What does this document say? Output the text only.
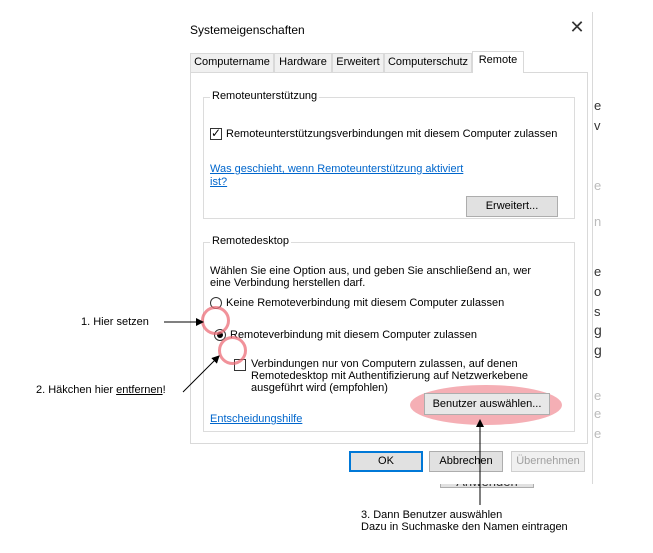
e
v
e
n
e
o
s
g
g
e
e
e
Systemeigenschaften	✕
Computername Hardware Erweitert Computerschutz Remote
Remoteunterstützung
✓ Remoteunterstützungsverbindungen mit diesem Computer zulassen
Was geschieht, wenn Remoteunterstützung aktiviert
ist?
Erweitert...
Remotedesktop
Wählen Sie eine Option aus, und geben Sie anschließend an, wer
eine Verbindung herstellen darf.
Keine Remoteverbindung mit diesem Computer zulassen
Remoteverbindung mit diesem Computer zulassen
Verbindungen nur von Computern zulassen, auf denen
Remotedesktop mit Authentifizierung auf Netzwerkebene
ausgeführt wird (empfohlen)
Entscheidungshilfe
OK	Abbrechen	Übernehmen
Benutzer auswählen...
1. Hier setzen
2. Häkchen hier entfernen!
3. Dann Benutzer auswählen
Dazu in Suchmaske den Namen eintragen
